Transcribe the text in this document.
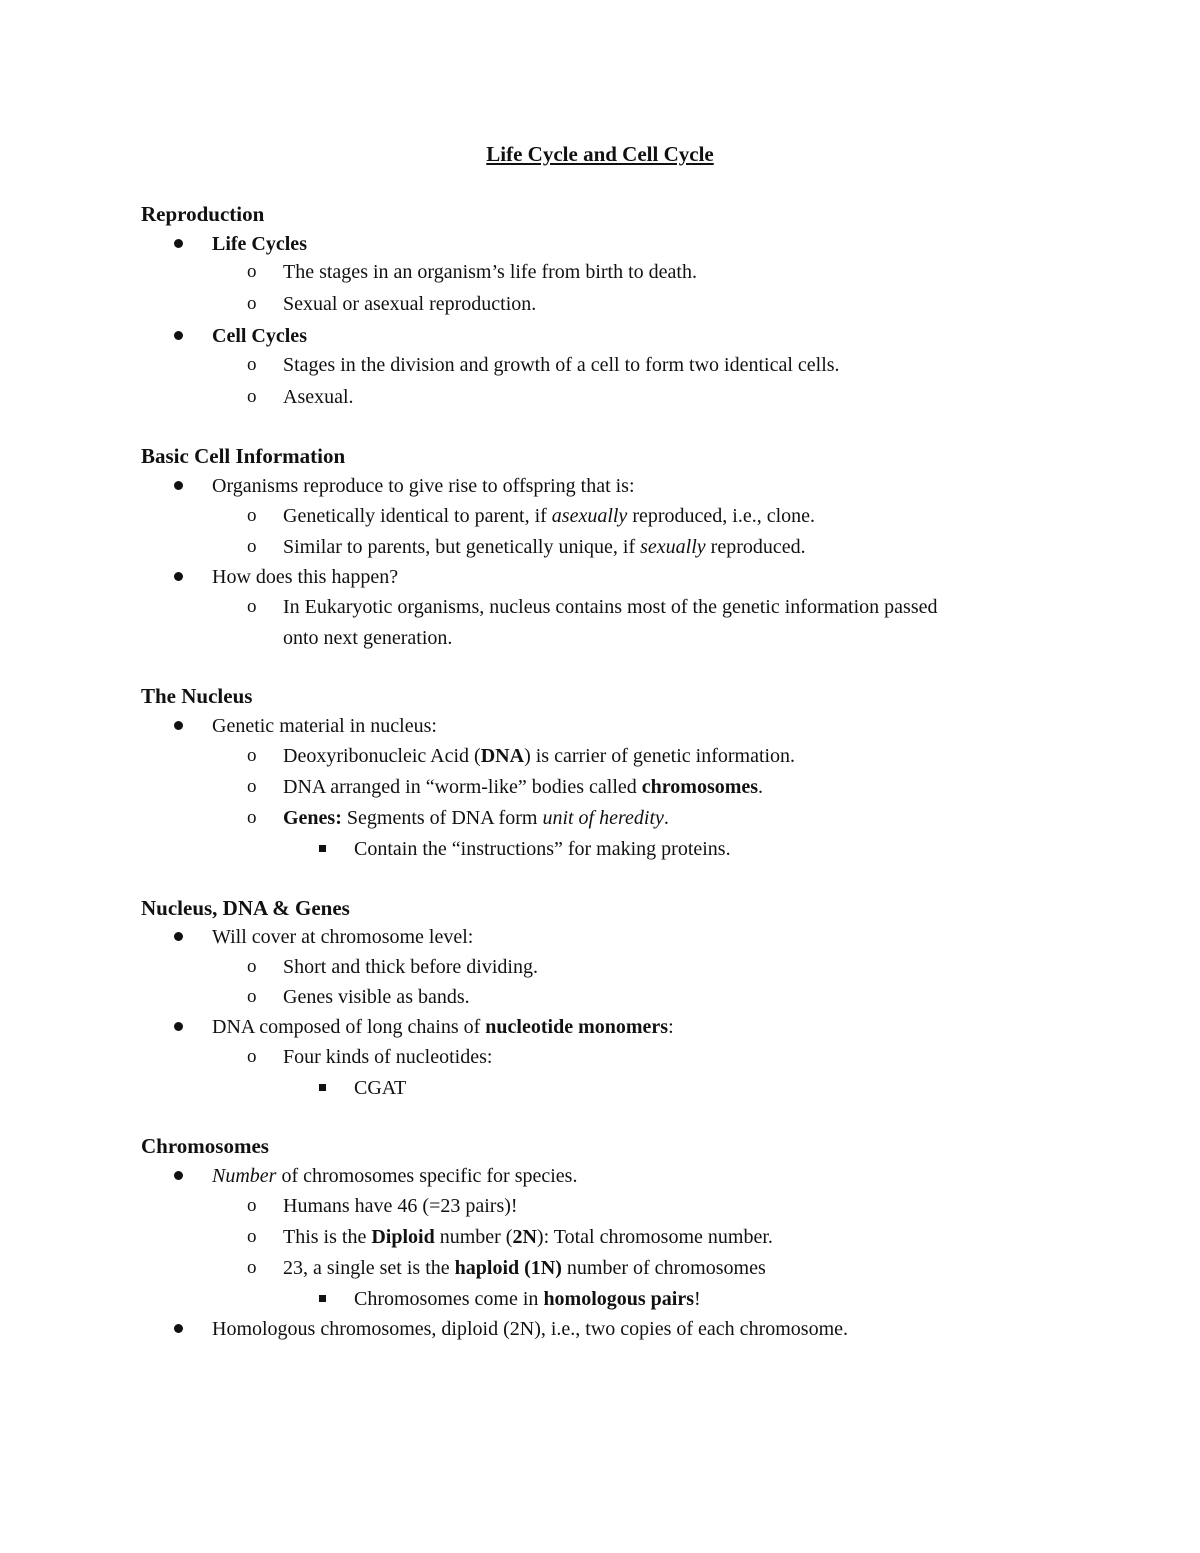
Life Cycle and Cell Cycle
Reproduction
Life Cycles
o The stages in an organism’s life from birth to death.
o Sexual or asexual reproduction.
Cell Cycles
o Stages in the division and growth of a cell to form two identical cells.
o Asexual.
Basic Cell Information
Organisms reproduce to give rise to offspring that is:
o Genetically identical to parent, if asexually reproduced, i.e., clone.
o Similar to parents, but genetically unique, if sexually reproduced.
How does this happen?
o In Eukaryotic organisms, nucleus contains most of the genetic information passed
onto next generation.
The Nucleus
Genetic material in nucleus:
o Deoxyribonucleic Acid (DNA) is carrier of genetic information.
o DNA arranged in “worm-like” bodies called chromosomes.
o Genes: Segments of DNA form unit of heredity.
Contain the “instructions” for making proteins.
Nucleus, DNA & Genes
Will cover at chromosome level:
o Short and thick before dividing.
o Genes visible as bands.
DNA composed of long chains of nucleotide monomers:
o Four kinds of nucleotides:
CGAT
Chromosomes
Number of chromosomes specific for species.
o Humans have 46 (=23 pairs)!
o This is the Diploid number (2N): Total chromosome number.
o 23, a single set is the haploid (1N) number of chromosomes
Chromosomes come in homologous pairs!
Homologous chromosomes, diploid (2N), i.e., two copies of each chromosome.
